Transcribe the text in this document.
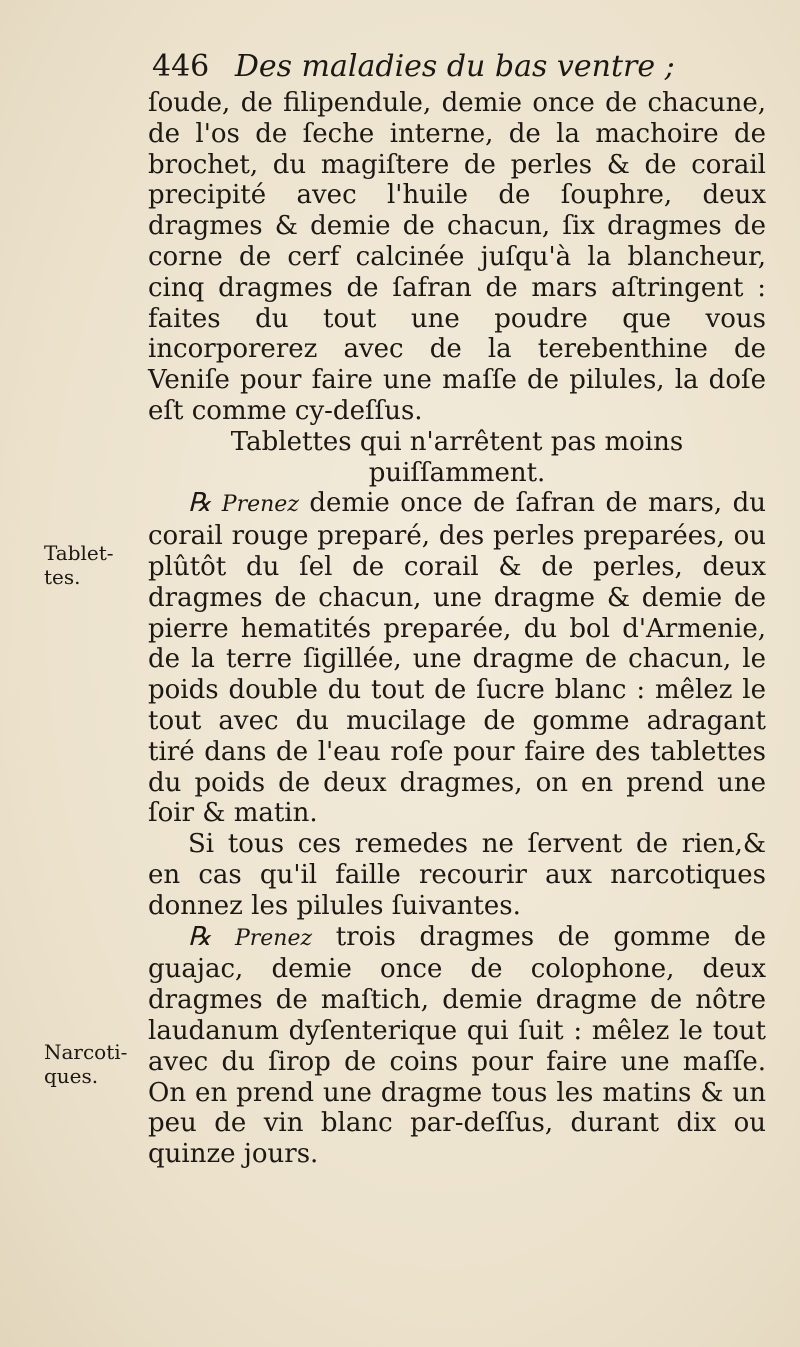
446 Des maladies du bas ventre ;

ſoude, de filipendule, demie once de chacune, de l'os de ſeche interne, de la machoire de brochet, du magiſtere de perles & de corail precipité avec l'huile de ſouphre, deux dragmes & demie de chacun, ſix dragmes de corne de cerf calcinée juſqu'à la blancheur, cinq dragmes de ſafran de mars aſtringent : faites du tout une poudre que vous incorporerez avec de la terebenthine de Veniſe pour faire une maſſe de pilules, la doſe eſt comme cy-deſſus.

Tablettes qui n'arrêtent pas moins puiſſamment.

℞ Prenez demie once de ſafran de mars, du corail rouge preparé, des perles preparées, ou plûtôt du ſel de corail & de perles, deux dragmes de chacun, une dragme & demie de pierre hematités preparée, du bol d'Armenie, de la terre ſigillée, une dragme de chacun, le poids double du tout de ſucre blanc : mêlez le tout avec du mucilage de gomme adragant tiré dans de l'eau roſe pour faire des tablettes du poids de deux dragmes, on en prend une ſoir & matin.

Si tous ces remedes ne ſervent de rien,& en cas qu'il faille recourir aux narcotiques donnez les pilules ſuivantes.

℞ Prenez trois dragmes de gomme de guajac, demie once de colophone, deux dragmes de maſtich, demie dragme de nôtre laudanum dyſenterique qui ſuit : mêlez le tout avec du ſirop de coins pour faire une maſſe. On en prend une dragme tous les matins & un peu de vin blanc par-deſſus, durant dix ou quinze jours.

Tablet-tes.
Narcoti-ques.
